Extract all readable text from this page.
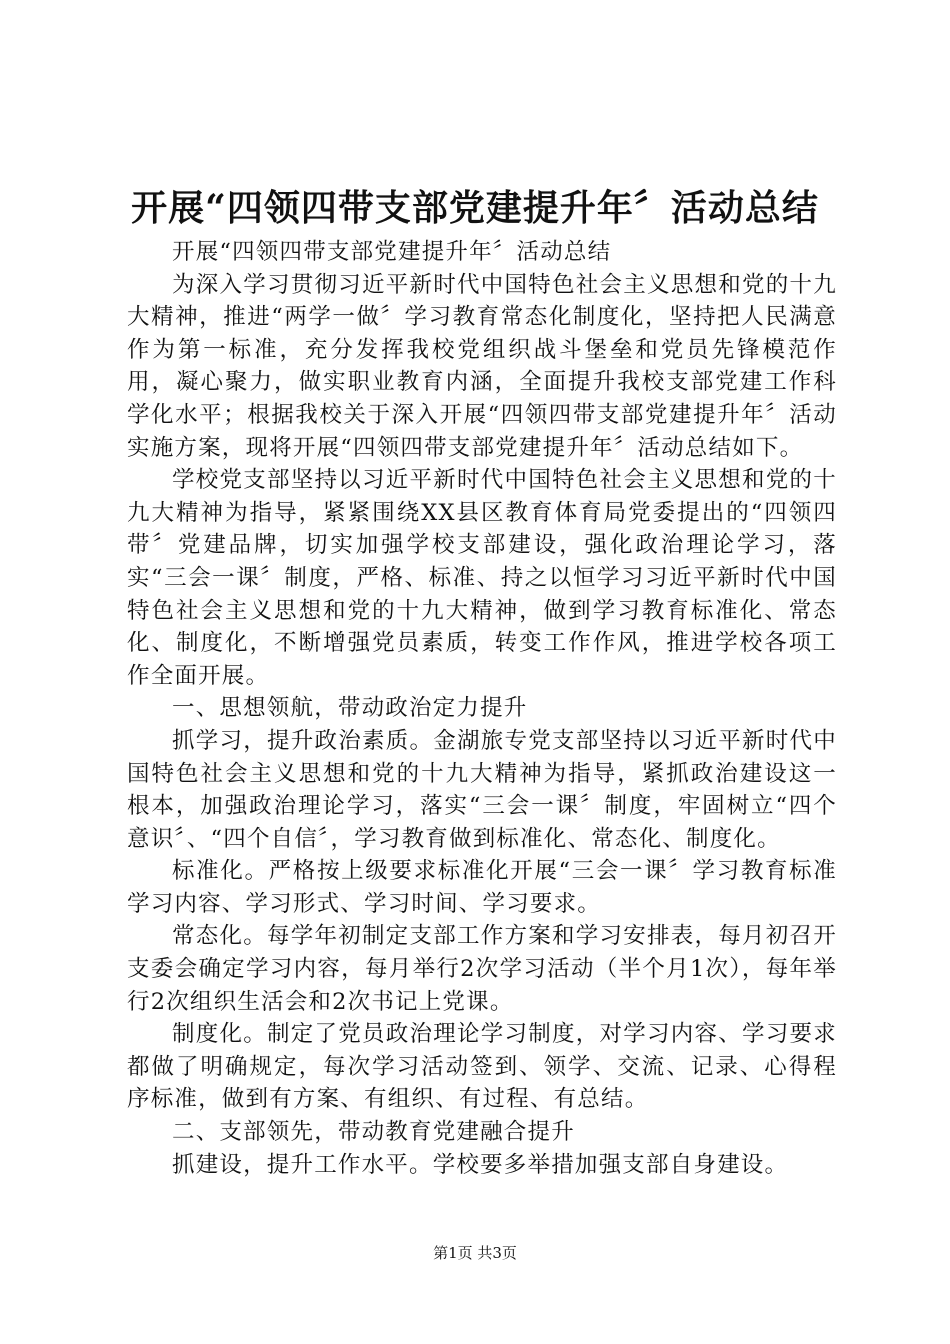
开展“四领四带支部党建提升年〞活动总结

开展“四领四带支部党建提升年〞活动总结

为深入学习贯彻习近平新时代中国特色社会主义思想和党的十九大精神，推进“两学一做〞学习教育常态化制度化，坚持把人民满意作为第一标准，充分发挥我校党组织战斗堡垒和党员先锋模范作用，凝心聚力，做实职业教育内涵，全面提升我校支部党建工作科学化水平；根据我校关于深入开展“四领四带支部党建提升年〞活动实施方案，现将开展“四领四带支部党建提升年〞活动总结如下。

学校党支部坚持以习近平新时代中国特色社会主义思想和党的十九大精神为指导，紧紧围绕XX县区教育体育局党委提出的“四领四带〞党建品牌，切实加强学校支部建设，强化政治理论学习，落实“三会一课〞制度，严格、标准、持之以恒学习习近平新时代中国特色社会主义思想和党的十九大精神，做到学习教育标准化、常态化、制度化，不断增强党员素质，转变工作作风，推进学校各项工作全面开展。

一、思想领航，带动政治定力提升

抓学习，提升政治素质。金湖旅专党支部坚持以习近平新时代中国特色社会主义思想和党的十九大精神为指导，紧抓政治建设这一根本，加强政治理论学习，落实“三会一课〞制度，牢固树立“四个意识〞、“四个自信〞，学习教育做到标准化、常态化、制度化。

标准化。严格按上级要求标准化开展“三会一课〞学习教育标准学习内容、学习形式、学习时间、学习要求。

常态化。每学年初制定支部工作方案和学习安排表，每月初召开支委会确定学习内容，每月举行2次学习活动（半个月1次），每年举行2次组织生活会和2次书记上党课。

制度化。制定了党员政治理论学习制度，对学习内容、学习要求都做了明确规定，每次学习活动签到、领学、交流、记录、心得程序标准，做到有方案、有组织、有过程、有总结。

二、支部领先，带动教育党建融合提升

抓建设，提升工作水平。学校要多举措加强支部自身建设。

第1页 共3页
